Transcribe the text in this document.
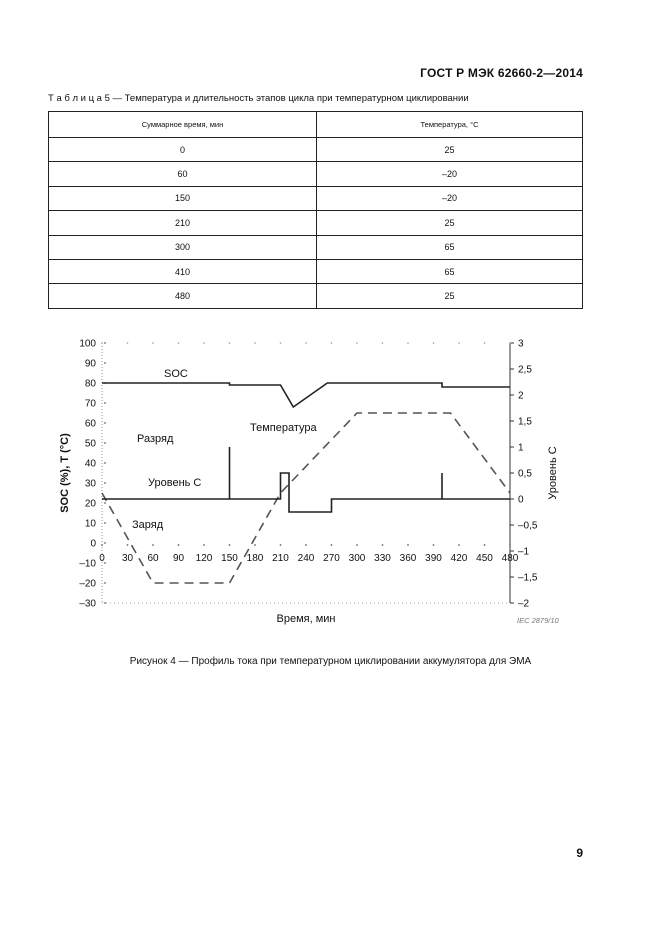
ГОСТ Р МЭК 62660-2—2014
Т а б л и ц а 5 — Температура и длительность этапов цикла при температурном циклировании
Суммарное время, мин	Температура, °С
0	25
60	–20
150	–20
210	25
300	65
410	65
480	25
100
90
80
70
60
50
40
30
20
10
0
–10
–20
–30
3
2,5
2
1,5
1
0,5
0
–0,5
–1
–1,5
–2
0 30 60 90 120 150 180 210 240 270 300 330 360 390 420 450 480
SOC
Температура
Разряд
Уровень С
Заряд
Время, мин
SOC (%), T (°C)	Уровень С
IEC 2879/10
Рисунок 4 — Профиль тока при температурном циклировании аккумулятора для ЭМА
9
